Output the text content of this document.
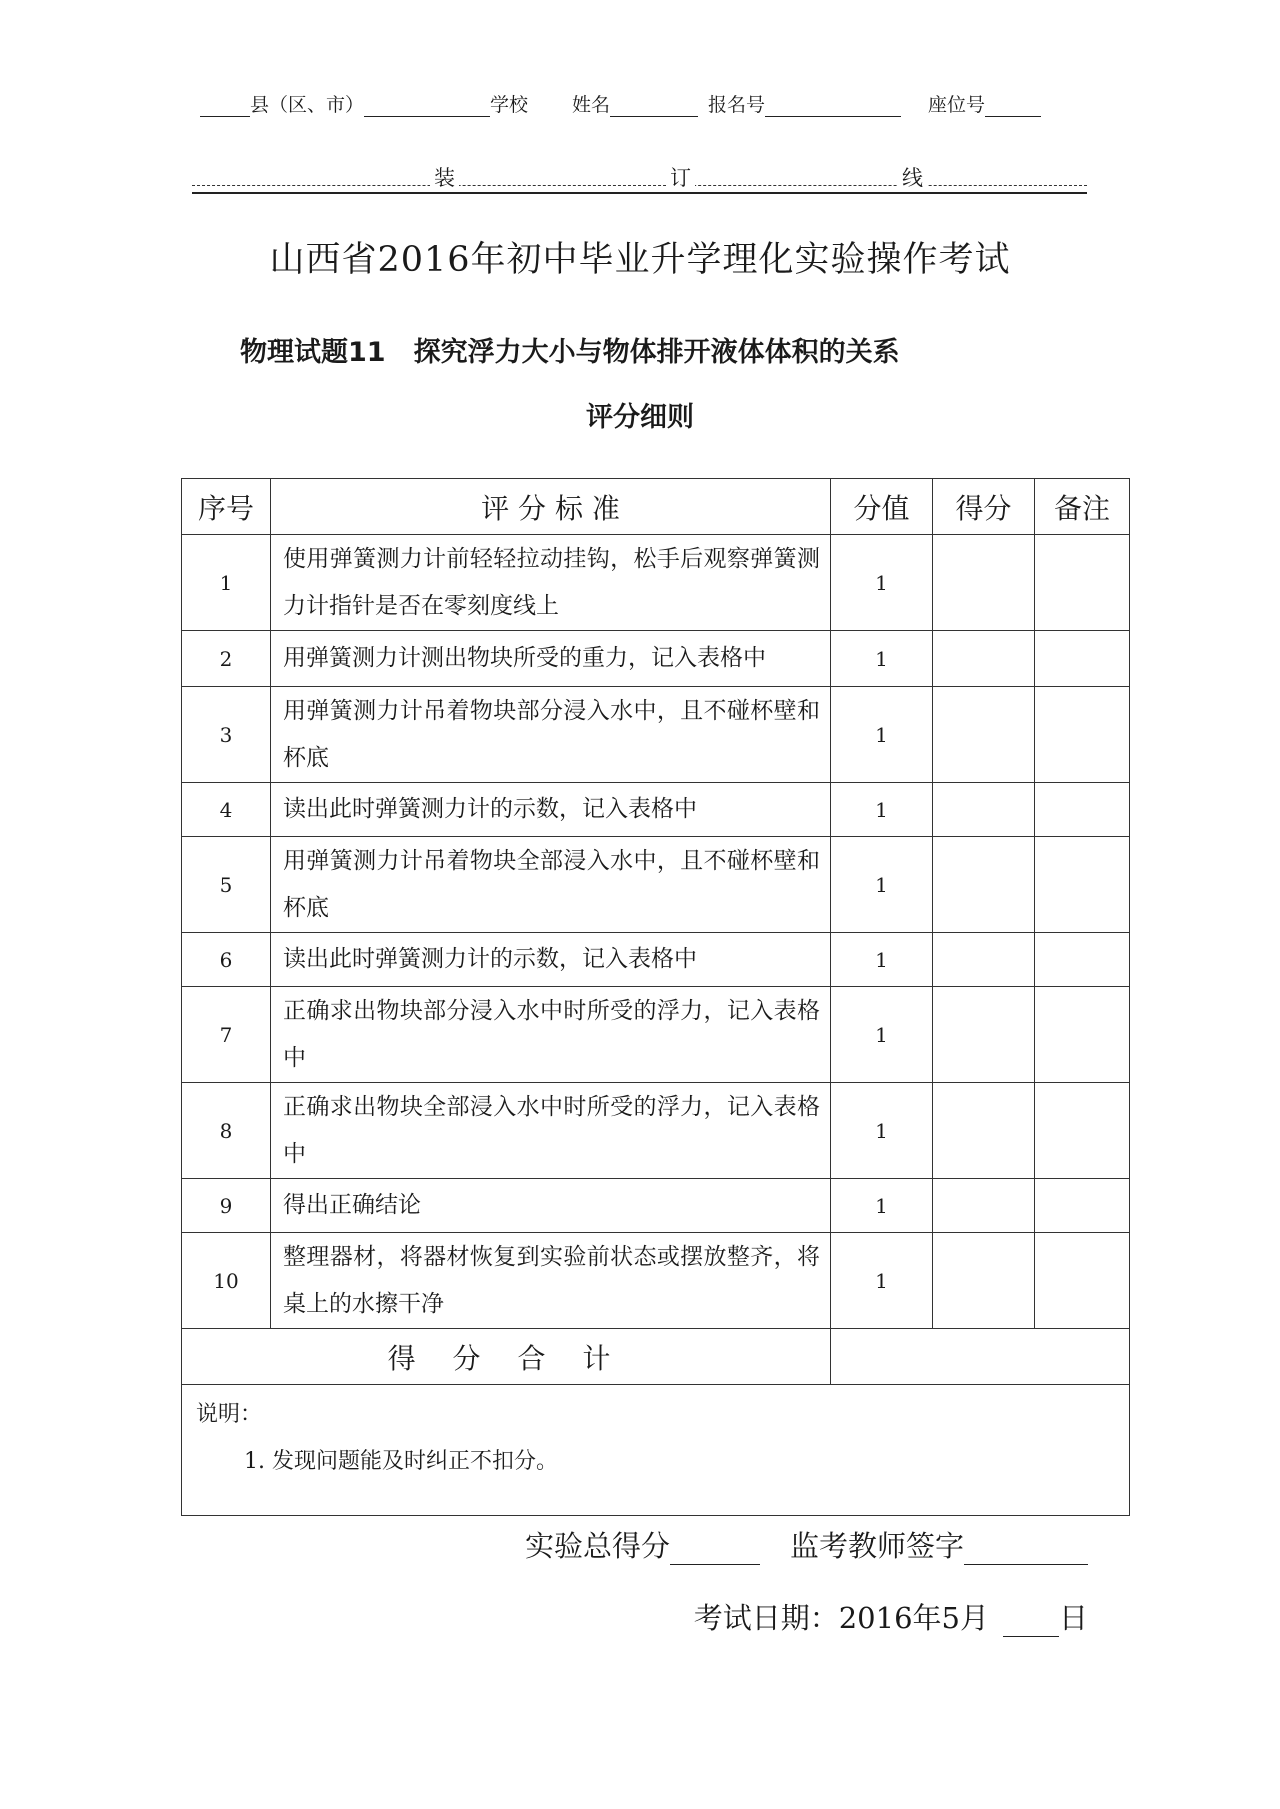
县（区、市）	学校 姓名	报名号	座位号
装	订	线
山西省2016年初中毕业升学理化实验操作考试
物理试题11 探究浮力大小与物体排开液体体积的关系
评分细则
序号	评 分 标 准	分值	得分	备注
1	使用弹簧测力计前轻轻拉动挂钩，松手后观察弹簧测力计指针是否在零刻度线上	1		
2	用弹簧测力计测出物块所受的重力，记入表格中	1		
3	用弹簧测力计吊着物块部分浸入水中，且不碰杯壁和杯底	1		
4	读出此时弹簧测力计的示数，记入表格中	1		
5	用弹簧测力计吊着物块全部浸入水中，且不碰杯壁和杯底	1		
6	读出此时弹簧测力计的示数，记入表格中	1		
7	正确求出物块部分浸入水中时所受的浮力，记入表格中	1		
8	正确求出物块全部浸入水中时所受的浮力，记入表格中	1		
9	得出正确结论	1		
10	整理器材，将器材恢复到实验前状态或摆放整齐，将桌上的水擦干净	1		
得 分 合 计				

说明：
1. 发现问题能及时纠正不扣分。				
实验总得分	监考教师签字
考试日期：2016年5月 日
